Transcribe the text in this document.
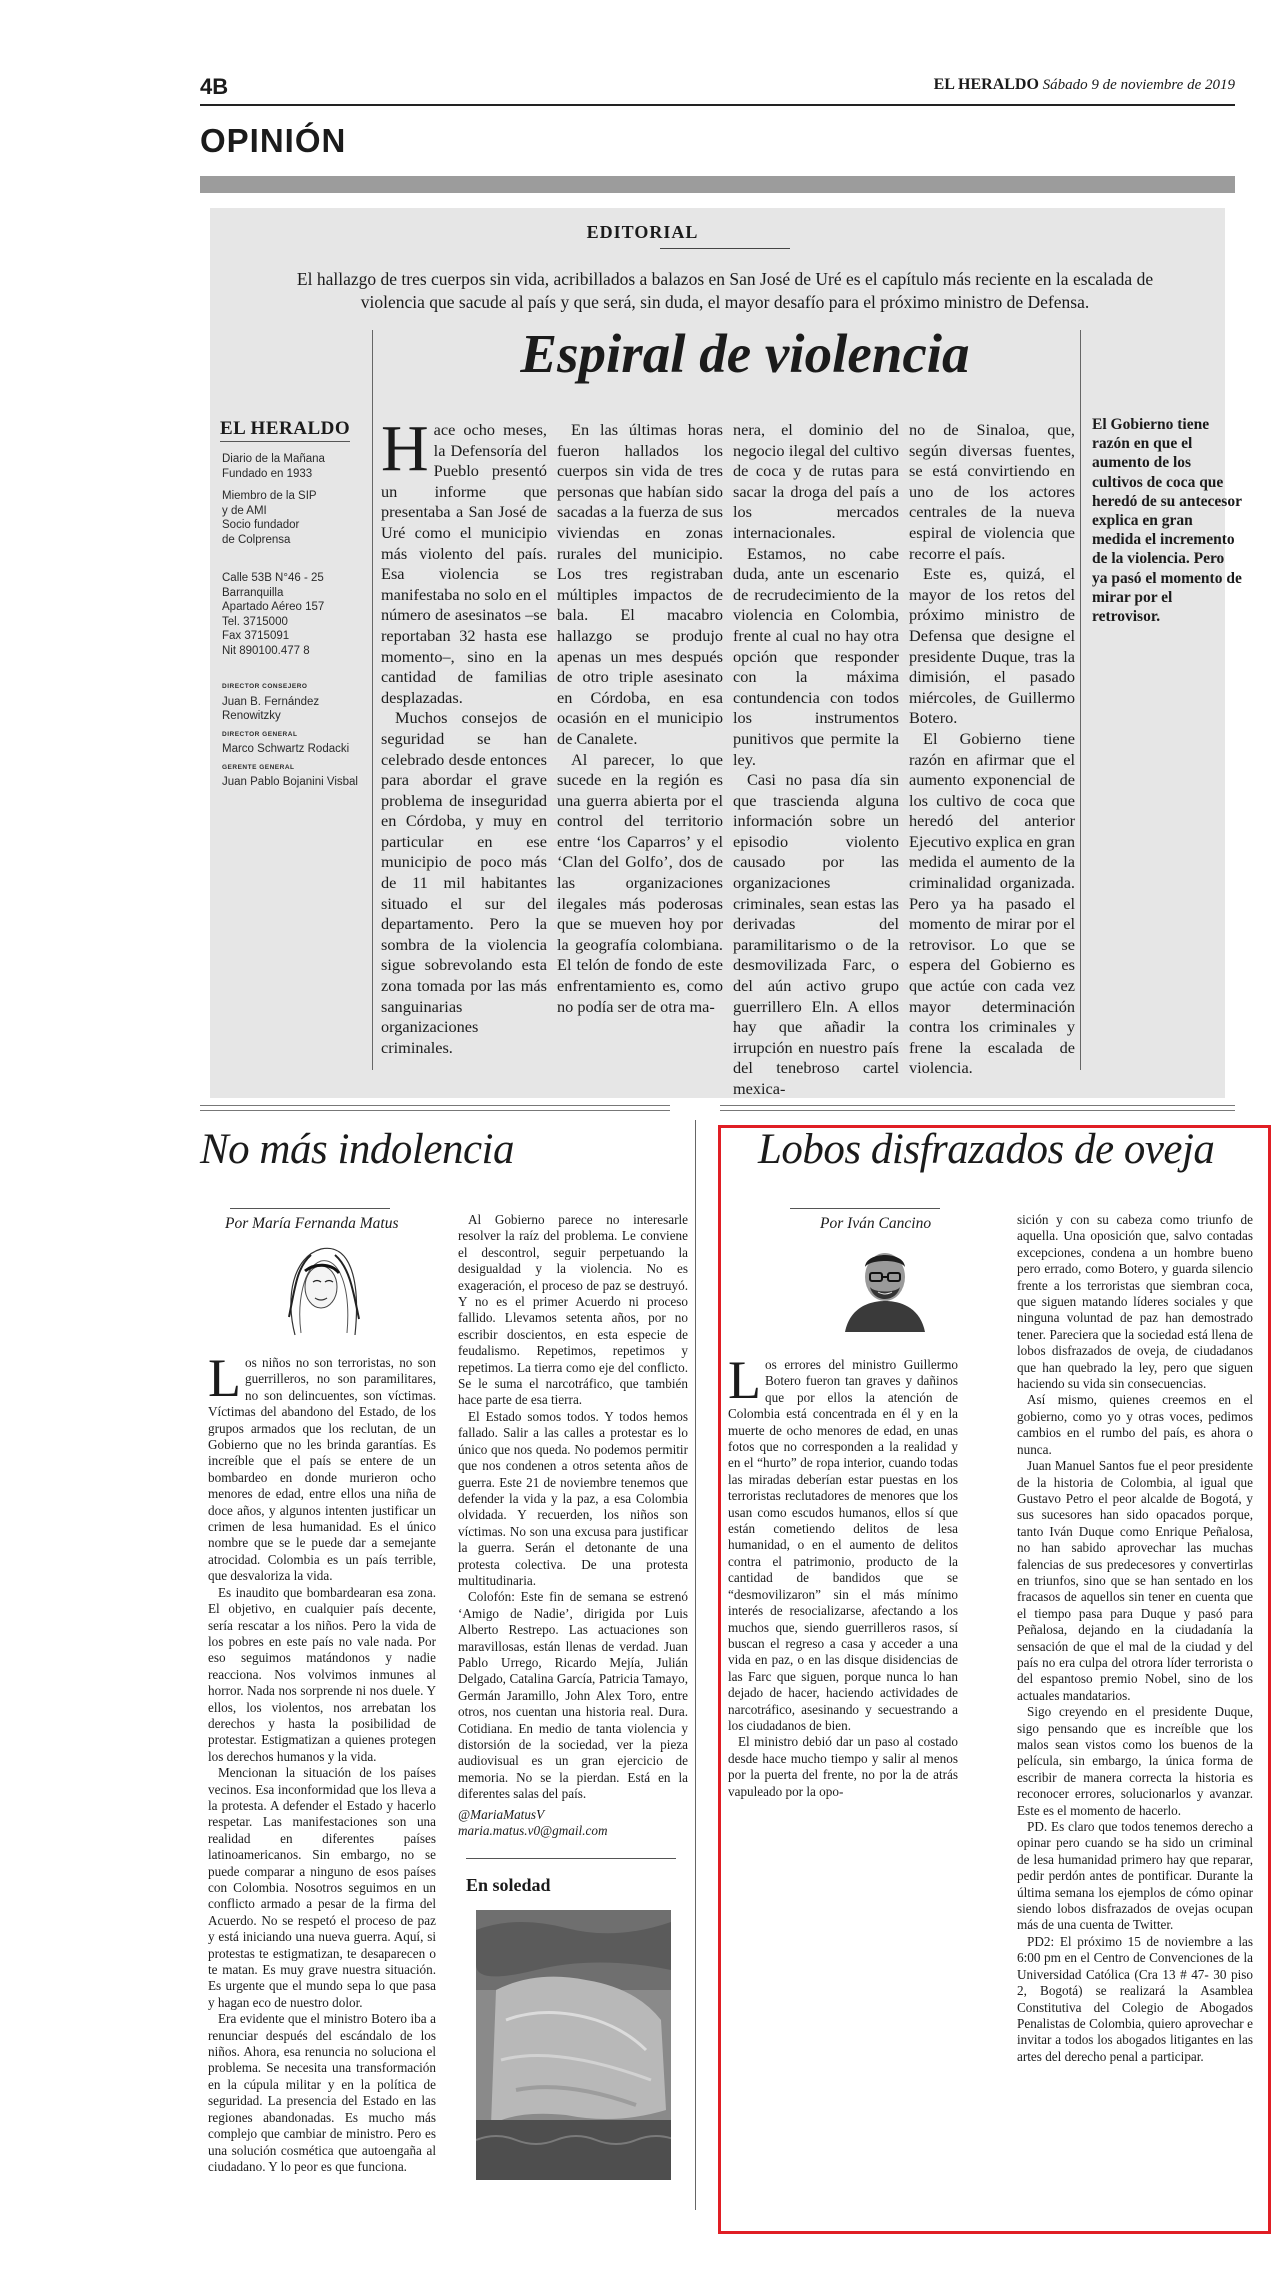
4B	EL HERALDO Sábado 9 de noviembre de 2019
OPINIÓN
EDITORIAL
El hallazgo de tres cuerpos sin vida, acribillados a balazos en San José de Uré es el capítulo más reciente en la escalada de violencia que sacude al país y que será, sin duda, el mayor desafío para el próximo ministro de Defensa.
Espiral de violencia
EL HERALDO
Diario de la Mañana
Fundado en 1933
Miembro de la SIP
y de AMI
Socio fundador
de Colprensa
Calle 53B N°46 - 25
Barranquilla
Apartado Aéreo 157
Tel. 3715000
Fax 3715091
Nit 890100.477 8
DIRECTOR CONSEJERO
Juan B. Fernández Renowitzky
DIRECTOR GENERAL
Marco Schwartz Rodacki
GERENTE GENERAL
Juan Pablo Bojanini Visbal

Hace ocho meses, la Defensoría del Pueblo presentó un informe que presentaba a San José de Uré como el municipio más violento del país. Esa violencia se manifestaba no solo en el número de asesinatos –se reportaban 32 hasta ese momento–, sino en la cantidad de familias desplazadas.

Muchos consejos de seguridad se han celebrado desde entonces para abordar el grave problema de inseguridad en Córdoba, y muy en particular en ese municipio de poco más de 11 mil habitantes situado el sur del departamento. Pero la sombra de la violencia sigue sobrevolando esta zona tomada por las más sanguinarias organizaciones criminales.

En las últimas horas fueron hallados los cuerpos sin vida de tres personas que habían sido sacadas a la fuerza de sus viviendas en zonas rurales del municipio. Los tres registraban múltiples impactos de bala. El macabro hallazgo se produjo apenas un mes después de otro triple asesinato en Córdoba, en esa ocasión en el municipio de Canalete.

Al parecer, lo que sucede en la región es una guerra abierta por el control del territorio entre ‘los Caparros’ y el ‘Clan del Golfo’, dos de las organizaciones ilegales más poderosas que se mueven hoy por la geografía colombiana. El telón de fondo de este enfrentamiento es, como no podía ser de otra ma-

nera, el dominio del negocio ilegal del cultivo de coca y de rutas para sacar la droga del país a los mercados internacionales.

Estamos, no cabe duda, ante un escenario de recrudecimiento de la violencia en Colombia, frente al cual no hay otra opción que responder con la máxima contundencia con todos los instrumentos punitivos que permite la ley.

Casi no pasa día sin que trascienda alguna información sobre un episodio violento causado por las organizaciones criminales, sean estas las derivadas del paramilitarismo o de la desmovilizada Farc, o del aún activo grupo guerrillero Eln. A ellos hay que añadir la irrupción en nuestro país del tenebroso cartel mexica-

no de Sinaloa, que, según diversas fuentes, se está convirtiendo en uno de los actores centrales de la nueva espiral de violencia que recorre el país.

Este es, quizá, el mayor de los retos del próximo ministro de Defensa que designe el presidente Duque, tras la dimisión, el pasado miércoles, de Guillermo Botero.

El Gobierno tiene razón en afirmar que el aumento exponencial de los cultivo de coca que heredó del anterior Ejecutivo explica en gran medida el aumento de la criminalidad organizada. Pero ya ha pasado el momento de mirar por el retrovisor. Lo que se espera del Gobierno es que actúe con cada vez mayor determinación contra los criminales y frene la escalada de violencia.

El Gobierno tiene razón en que el aumento de los cultivos de coca que heredó de su antecesor explica en gran medida el incremento de la violencia. Pero ya pasó el momento de mirar por el retrovisor.
No más indolencia
Por María Fernanda Matus

Los niños no son terroristas, no son guerrilleros, no son paramilitares, no son delincuentes, son víctimas. Víctimas del abandono del Estado, de los grupos armados que los reclutan, de un Gobierno que no les brinda garantías. Es increíble que el país se entere de un bombardeo en donde murieron ocho menores de edad, entre ellos una niña de doce años, y algunos intenten justificar un crimen de lesa humanidad. Es el único nombre que se le puede dar a semejante atrocidad. Colombia es un país terrible, que desvaloriza la vida.

Es inaudito que bombardearan esa zona. El objetivo, en cualquier país decente, sería rescatar a los niños. Pero la vida de los pobres en este país no vale nada. Por eso seguimos matándonos y nadie reacciona. Nos volvimos inmunes al horror. Nada nos sorprende ni nos duele. Y ellos, los violentos, nos arrebatan los derechos y hasta la posibilidad de protestar. Estigmatizan a quienes protegen los derechos humanos y la vida.

Mencionan la situación de los países vecinos. Esa inconformidad que los lleva a la protesta. A defender el Estado y hacerlo respetar. Las manifestaciones son una realidad en diferentes países latinoamericanos. Sin embargo, no se puede comparar a ninguno de esos países con Colombia. Nosotros seguimos en un conflicto armado a pesar de la firma del Acuerdo. No se respetó el proceso de paz y está iniciando una nueva guerra. Aquí, si protestas te estigmatizan, te desaparecen o te matan. Es muy grave nuestra situación. Es urgente que el mundo sepa lo que pasa y hagan eco de nuestro dolor.

Era evidente que el ministro Botero iba a renunciar después del escándalo de los niños. Ahora, esa renuncia no soluciona el problema. Se necesita una transformación en la cúpula militar y en la política de seguridad. La presencia del Estado en las regiones abandonadas. Es mucho más complejo que cambiar de ministro. Pero es una solución cosmética que autoengaña al ciudadano. Y lo peor es que funciona.

Al Gobierno parece no interesarle resolver la raíz del problema. Le conviene el descontrol, seguir perpetuando la desigualdad y la violencia. No es exageración, el proceso de paz se destruyó. Y no es el primer Acuerdo ni proceso fallido. Llevamos setenta años, por no escribir doscientos, en esta especie de feudalismo. Repetimos, repetimos y repetimos. La tierra como eje del conflicto. Se le suma el narcotráfico, que también hace parte de esa tierra.

El Estado somos todos. Y todos hemos fallado. Salir a las calles a protestar es lo único que nos queda. No podemos permitir que nos condenen a otros setenta años de guerra. Este 21 de noviembre tenemos que defender la vida y la paz, a esa Colombia olvidada. Y recuerden, los niños son víctimas. No son una excusa para justificar la guerra. Serán el detonante de una protesta colectiva. De una protesta multitudinaria.

Colofón: Este fin de semana se estrenó ‘Amigo de Nadie’, dirigida por Luis Alberto Restrepo. Las actuaciones son maravillosas, están llenas de verdad. Juan Pablo Urrego, Ricardo Mejía, Julián Delgado, Catalina García, Patricia Tamayo, Germán Jaramillo, John Alex Toro, entre otros, nos cuentan una historia real. Dura. Cotidiana. En medio de tanta violencia y distorsión de la sociedad, ver la pieza audiovisual es un gran ejercicio de memoria. No se la pierdan. Está en la diferentes salas del país.

@MariaMatusV

maria.matus.v0@gmail.com

En soledad
Lobos disfrazados de oveja
Por Iván Cancino

Los errores del ministro Guillermo Botero fueron tan graves y dañinos que por ellos la atención de Colombia está concentrada en él y en la muerte de ocho menores de edad, en unas fotos que no corresponden a la realidad y en el “hurto” de ropa interior, cuando todas las miradas deberían estar puestas en los terroristas reclutadores de menores que los usan como escudos humanos, ellos sí que están cometiendo delitos de lesa humanidad, o en el aumento de delitos contra el patrimonio, producto de la cantidad de bandidos que se “desmovilizaron” sin el más mínimo interés de resocializarse, afectando a los muchos que, siendo guerrilleros rasos, sí buscan el regreso a casa y acceder a una vida en paz, o en las disque disidencias de las Farc que siguen, porque nunca lo han dejado de hacer, haciendo actividades de narcotráfico, asesinando y secuestrando a los ciudadanos de bien.

El ministro debió dar un paso al costado desde hace mucho tiempo y salir al menos por la puerta del frente, no por la de atrás vapuleado por la opo-

sición y con su cabeza como triunfo de aquella. Una oposición que, salvo contadas excepciones, condena a un hombre bueno pero errado, como Botero, y guarda silencio frente a los terroristas que siembran coca, que siguen matando líderes sociales y que ninguna voluntad de paz han demostrado tener. Pareciera que la sociedad está llena de lobos disfrazados de oveja, de ciudadanos que han quebrado la ley, pero que siguen haciendo su vida sin consecuencias.

Así mismo, quienes creemos en el gobierno, como yo y otras voces, pedimos cambios en el rumbo del país, es ahora o nunca.

Juan Manuel Santos fue el peor presidente de la historia de Colombia, al igual que Gustavo Petro el peor alcalde de Bogotá, y sus sucesores han sido opacados porque, tanto Iván Duque como Enrique Peñalosa, no han sabido aprovechar las muchas falencias de sus predecesores y convertirlas en triunfos, sino que se han sentado en los fracasos de aquellos sin tener en cuenta que el tiempo pasa para Duque y pasó para Peñalosa, dejando en la ciudadanía la sensación de que el mal de la ciudad y del país no era culpa del otrora líder terrorista o del espantoso premio Nobel, sino de los actuales mandatarios.

Sigo creyendo en el presidente Duque, sigo pensando que es increíble que los malos sean vistos como los buenos de la película, sin embargo, la única forma de escribir de manera correcta la historia es reconocer errores, solucionarlos y avanzar. Este es el momento de hacerlo.

PD. Es claro que todos tenemos derecho a opinar pero cuando se ha sido un criminal de lesa humanidad primero hay que reparar, pedir perdón antes de pontificar. Durante la última semana los ejemplos de cómo opinar siendo lobos disfrazados de ovejas ocupan más de una cuenta de Twitter.

PD2: El próximo 15 de noviembre a las 6:00 pm en el Centro de Convenciones de la Universidad Católica (Cra 13 # 47- 30 piso 2, Bogotá) se realizará la Asamblea Constitutiva del Colegio de Abogados Penalistas de Colombia, quiero aprovechar e invitar a todos los abogados litigantes en las artes del derecho penal a participar.
